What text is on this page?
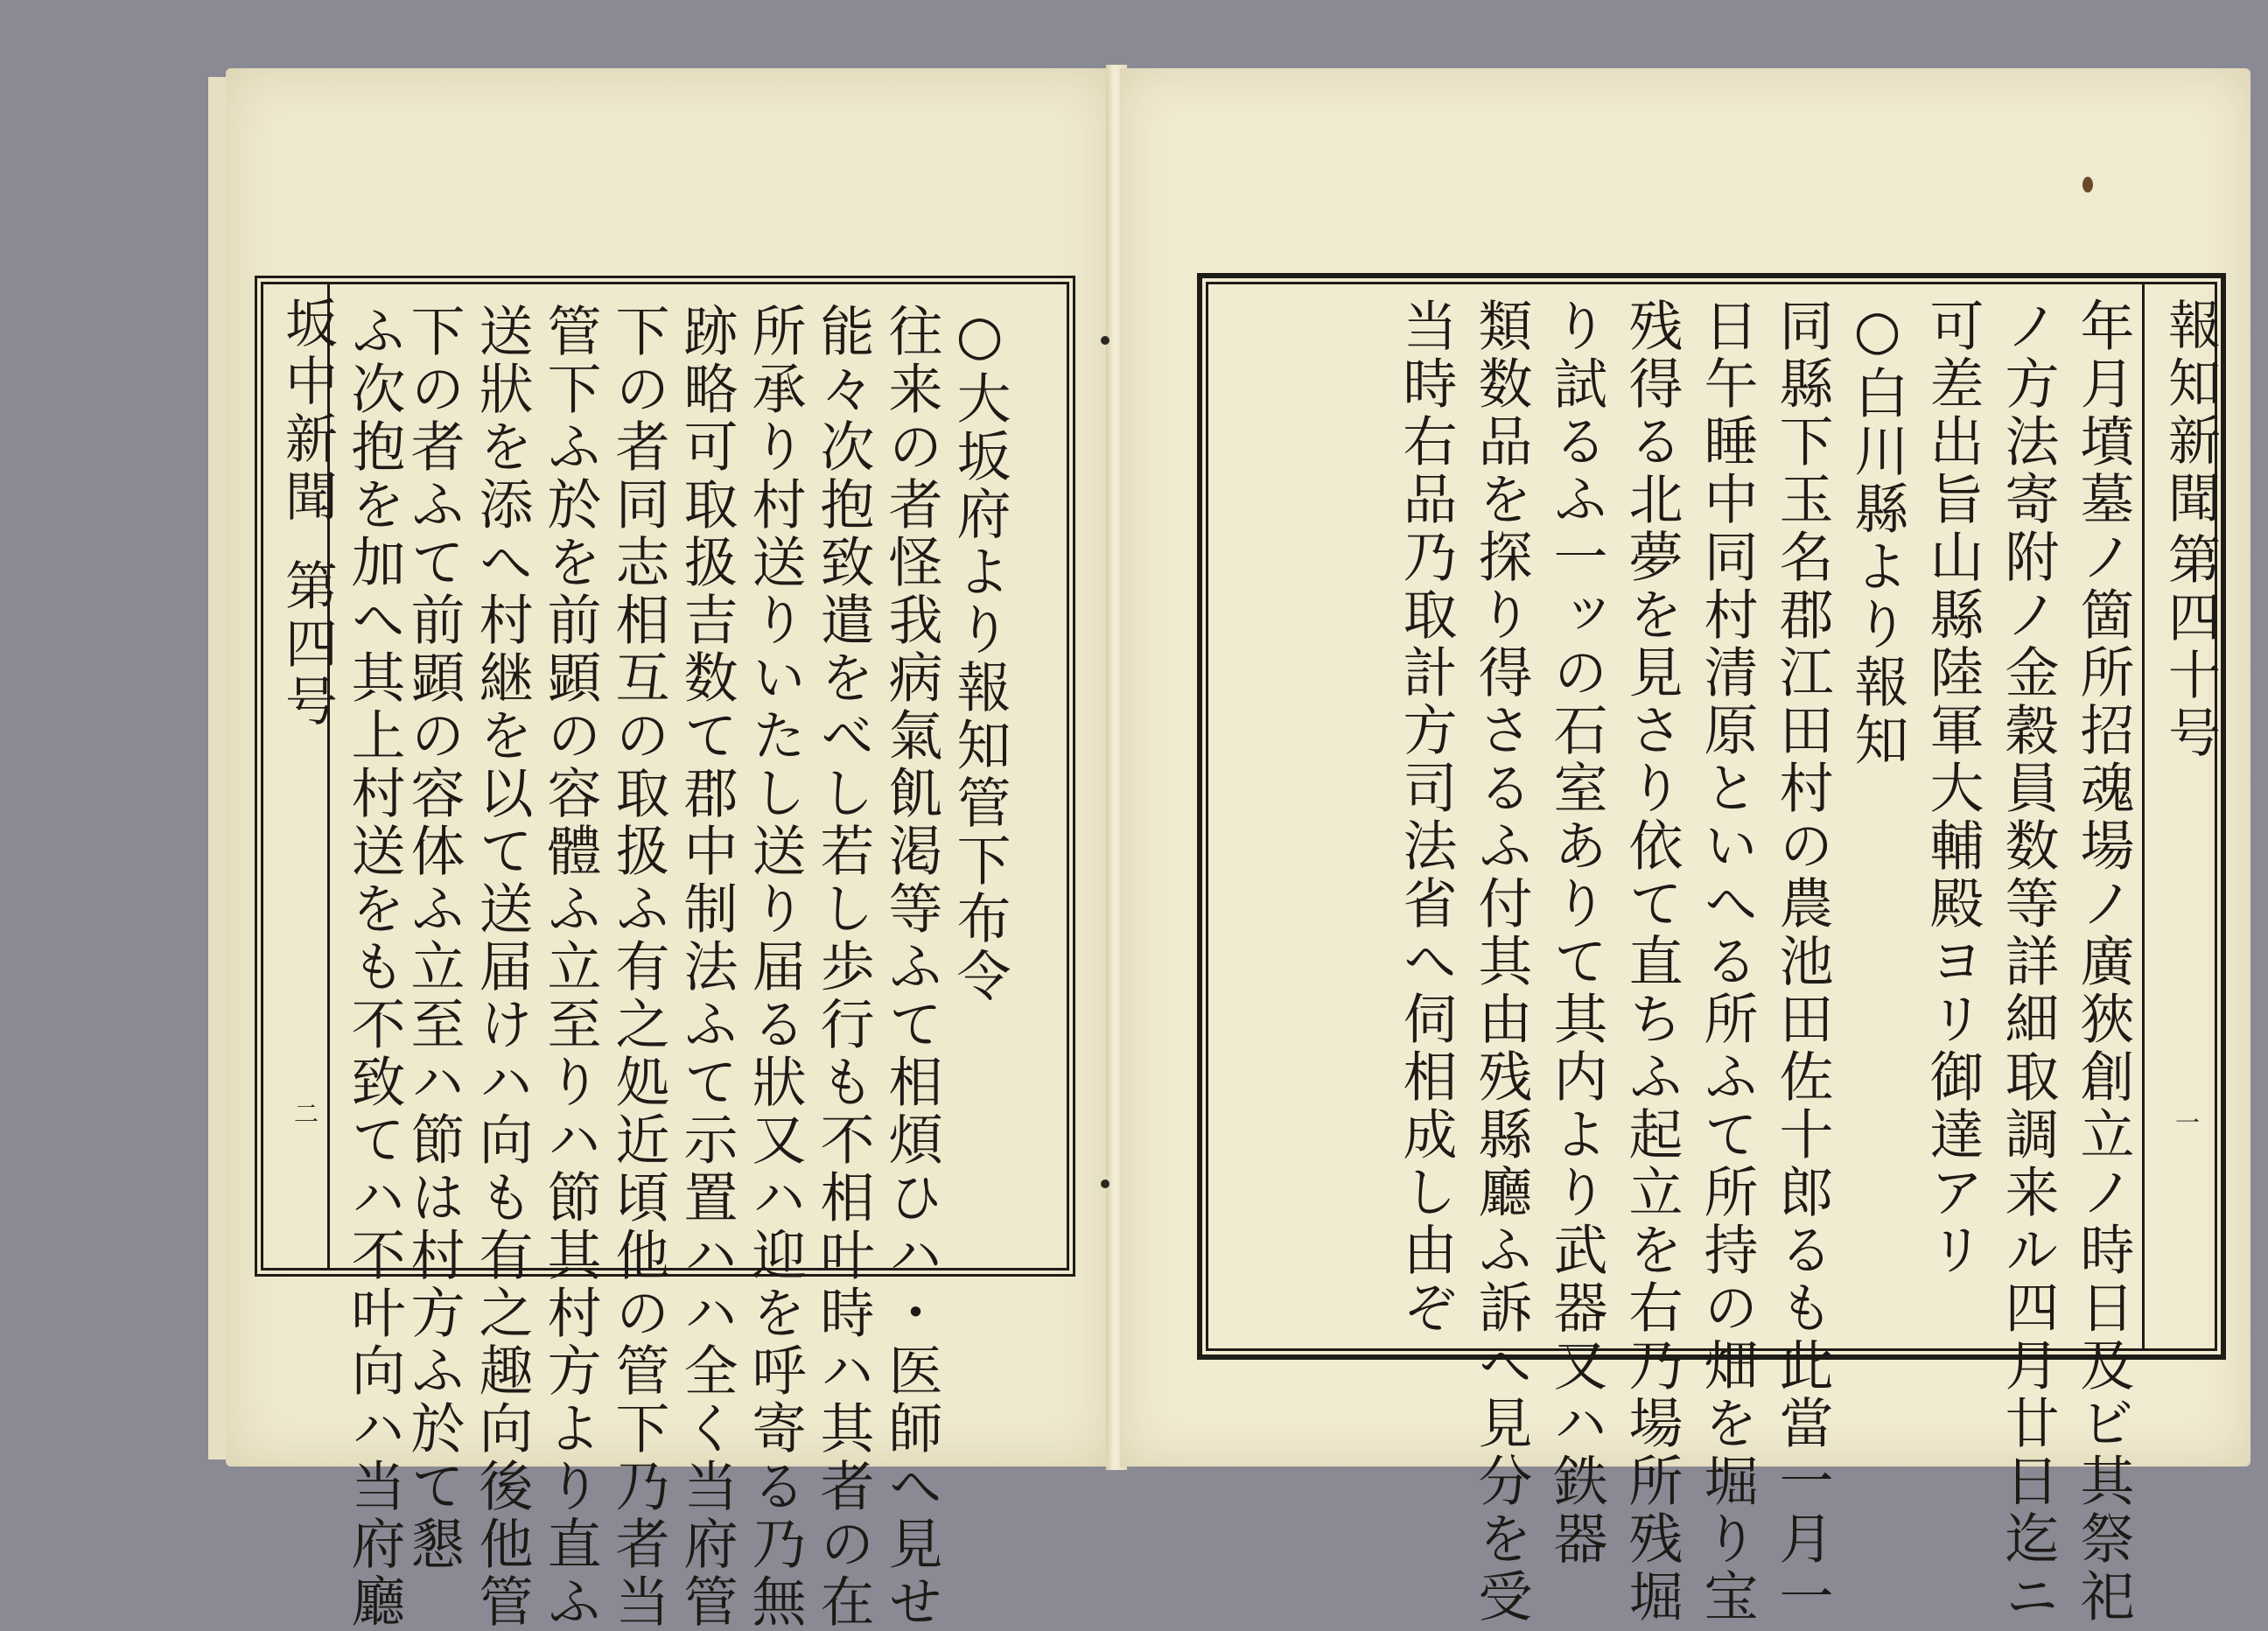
坂中新聞
第四号
二
○大坂府より報知管下布令
往来の者怪我病氣飢渇等ふて相煩ひハ・医師へ見せ
能々次抱致遣をべし若し歩行も不相叶時ハ其者の在
所承り村送りいたし送り届る狀又ハ迎を呼寄る乃無
跡略可取扱吉数て郡中制法ふて示置ハハ全く当府管
下の者同志相互の取扱ふ有之処近頃他の管下乃者当
管下ふ於を前顕の容體ふ立至りハ節其村方より直ふ
送狀を添へ村継を以て送届けハ向も有之趣向後他管
下の者ふて前顕の容体ふ立至ハ節は村方ふ於て懇
ふ次抱を加へ其上村送をも不致てハ不叶向ハ当府廳	報知新聞
第四十号
一
年月墳墓ノ箇所招魂場ノ廣狹創立ノ時日及ビ其祭祀
ノ方法寄附ノ金穀員数等詳細取調来ル四月廿日迄ニ
可差出旨山縣陸軍大輔殿ヨリ御達アリ
○白川縣より報知
同縣下玉名郡江田村の農池田佐十郎るも此當一月一
日午睡中同村清原といへる所ふて所持の畑を堀り宝
残得る北夢を見さり依て直ちふ起立を右乃場所残堀
り試るふ一ッの石室ありて其内より武器又ハ鉄器
類数品を探り得さるふ付其由残縣廳ふ訴へ見分を受
当時右品乃取計方司法省へ伺相成し由ぞ
